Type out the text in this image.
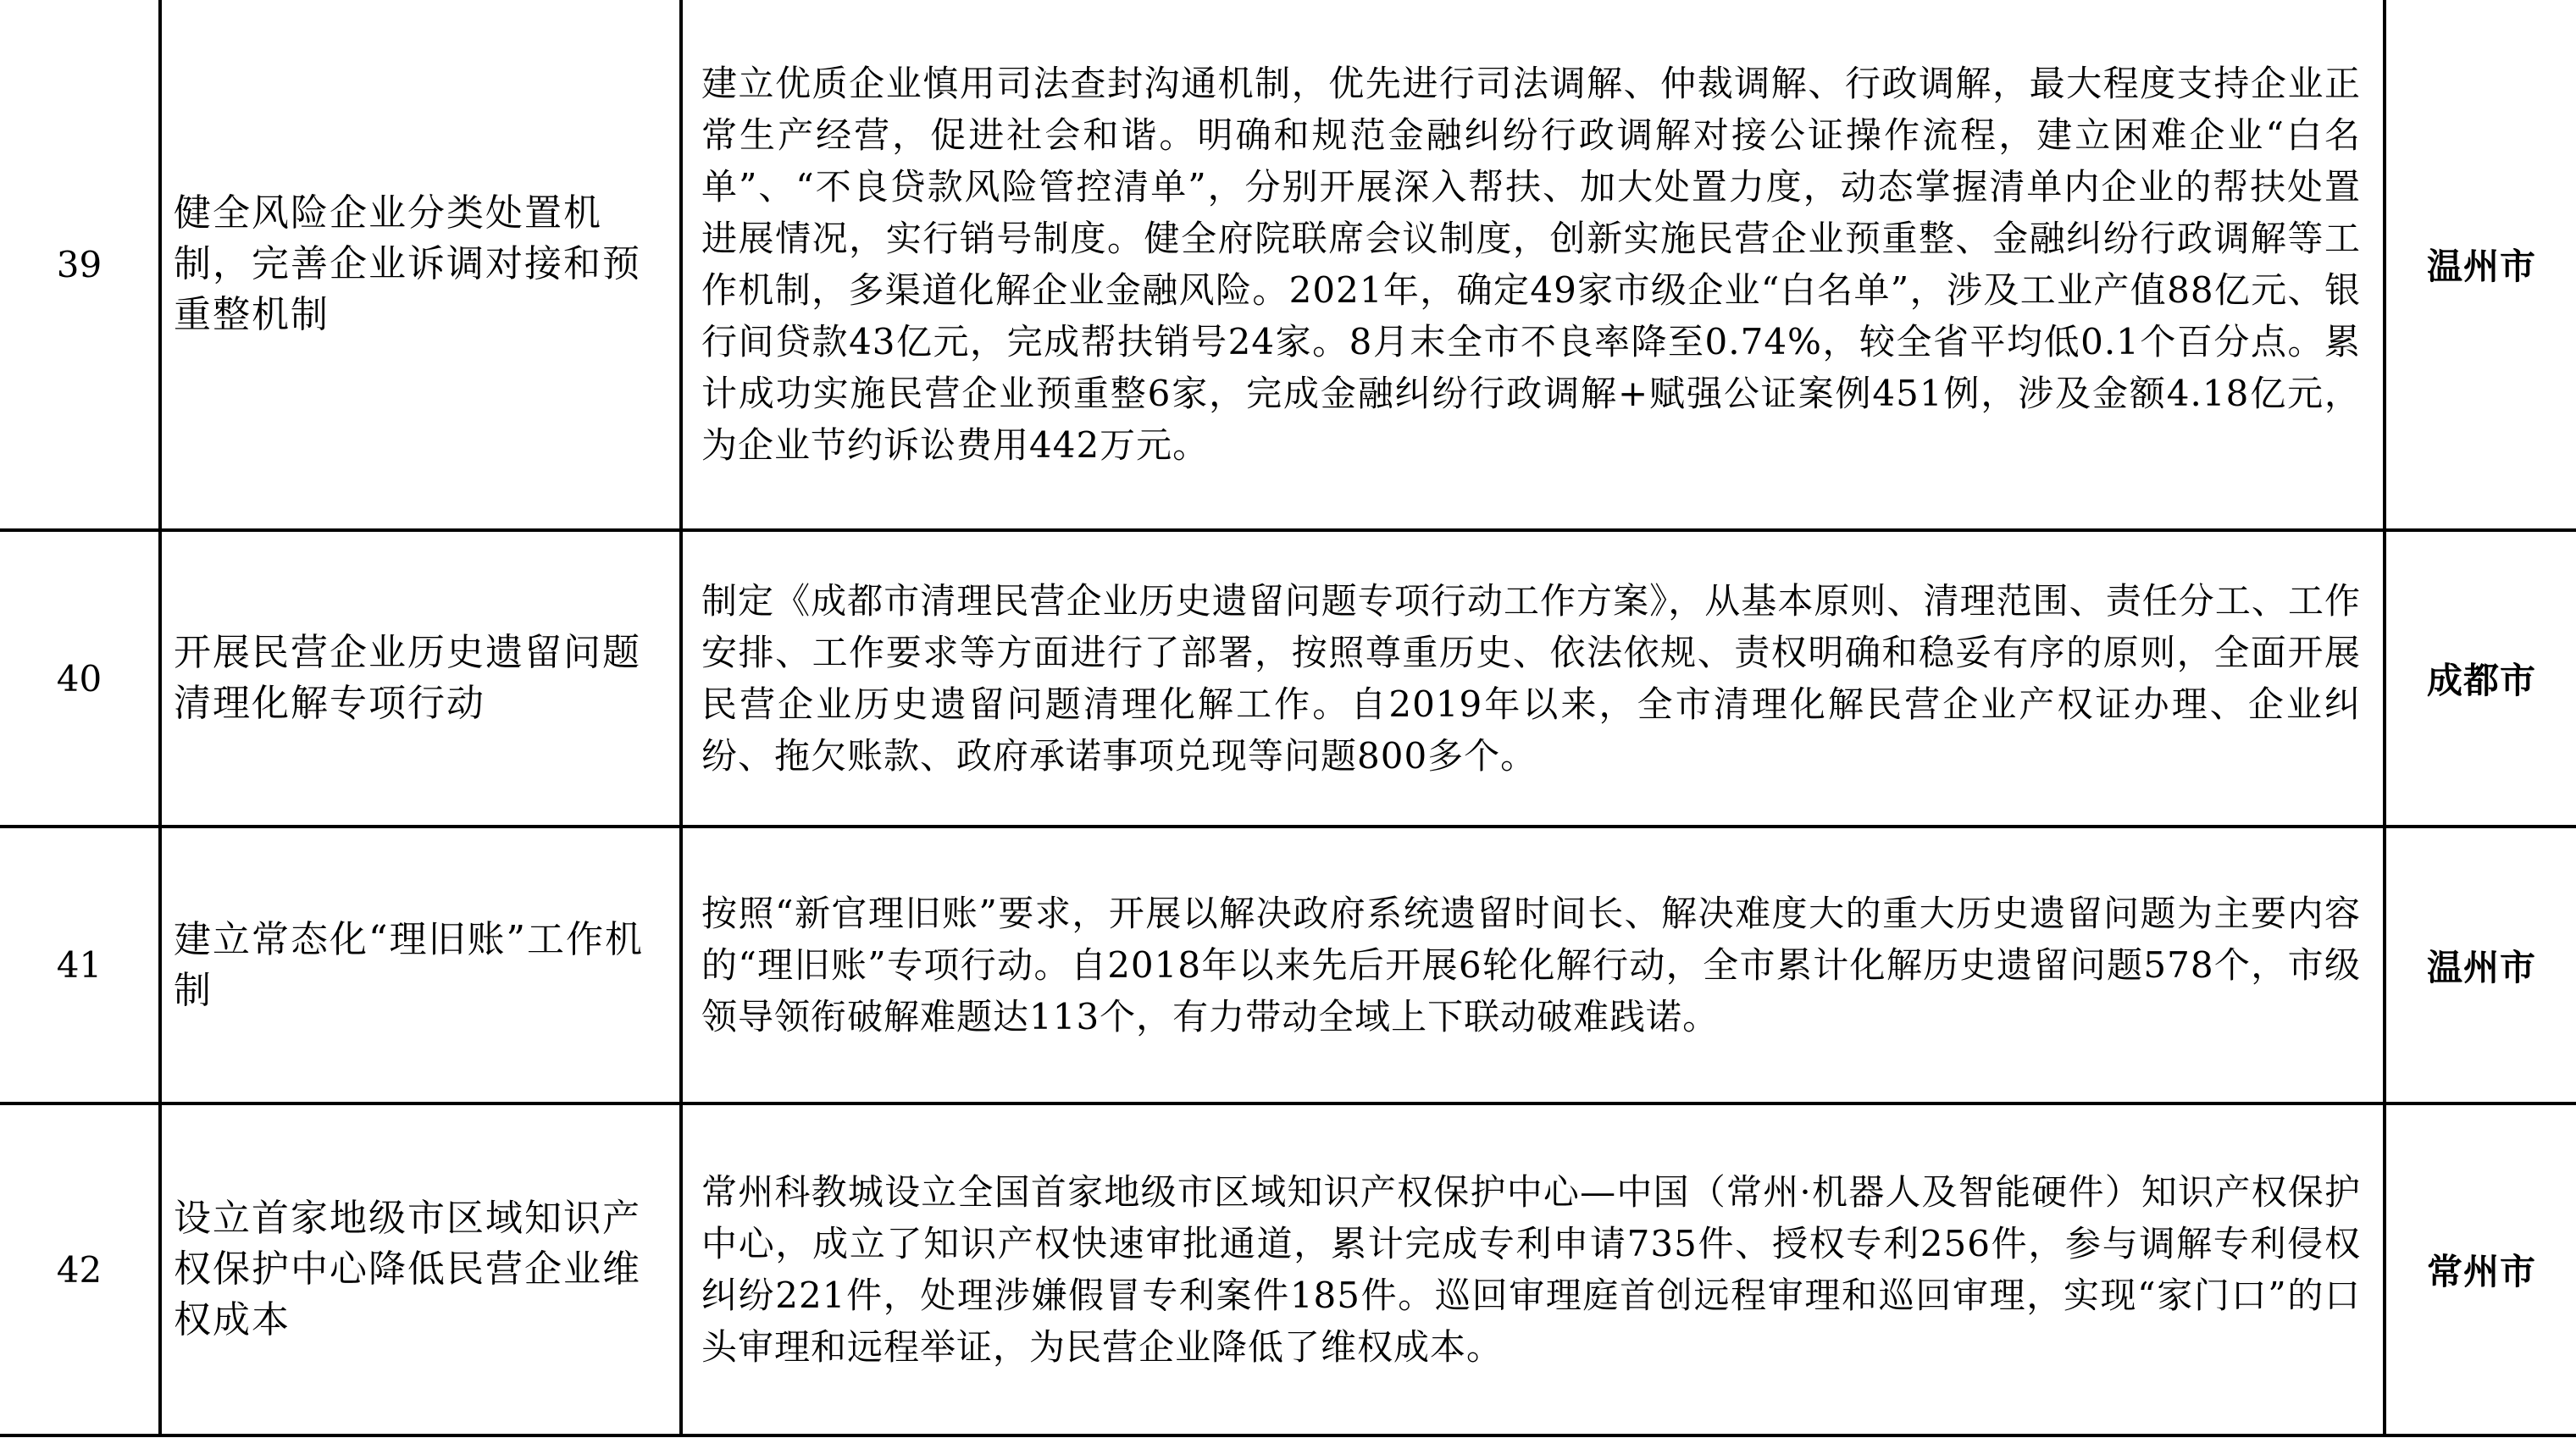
39	健全风险企业分类处置机制，完善企业诉调对接和预重整机制	建立优质企业慎用司法查封沟通机制，优先进行司法调解、仲裁调解、行政调解，最大程度支持企业正常生产经营，促进社会和谐。明确和规范金融纠纷行政调解对接公证操作流程，建立困难企业“白名单”、“不良贷款风险管控清单”，分别开展深入帮扶、加大处置力度，动态掌握清单内企业的帮扶处置进展情况，实行销号制度。健全府院联席会议制度，创新实施民营企业预重整、金融纠纷行政调解等工作机制，多渠道化解企业金融风险。2021年，确定49家市级企业“白名单”，涉及工业产值88亿元、银行间贷款43亿元，完成帮扶销号24家。8月末全市不良率降至0.74%，较全省平均低0.1个百分点。累计成功实施民营企业预重整6家，完成金融纠纷行政调解+赋强公证案例451例，涉及金额4.18亿元，为企业节约诉讼费用442万元。	温州市
40	开展民营企业历史遗留问题清理化解专项行动	制定《成都市清理民营企业历史遗留问题专项行动工作方案》，从基本原则、清理范围、责任分工、工作安排、工作要求等方面进行了部署，按照尊重历史、依法依规、责权明确和稳妥有序的原则，全面开展民营企业历史遗留问题清理化解工作。自2019年以来，全市清理化解民营企业产权证办理、企业纠纷、拖欠账款、政府承诺事项兑现等问题800多个。	成都市
41	建立常态化“理旧账”工作机制	按照“新官理旧账”要求，开展以解决政府系统遗留时间长、解决难度大的重大历史遗留问题为主要内容的“理旧账”专项行动。自2018年以来先后开展6轮化解行动，全市累计化解历史遗留问题578个，市级领导领衔破解难题达113个，有力带动全域上下联动破难践诺。	温州市
42	设立首家地级市区域知识产权保护中心降低民营企业维权成本	常州科教城设立全国首家地级市区域知识产权保护中心—中国（常州·机器人及智能硬件）知识产权保护中心，成立了知识产权快速审批通道，累计完成专利申请735件、授权专利256件，参与调解专利侵权纠纷221件，处理涉嫌假冒专利案件185件。巡回审理庭首创远程审理和巡回审理，实现“家门口”的口头审理和远程举证，为民营企业降低了维权成本。	常州市
